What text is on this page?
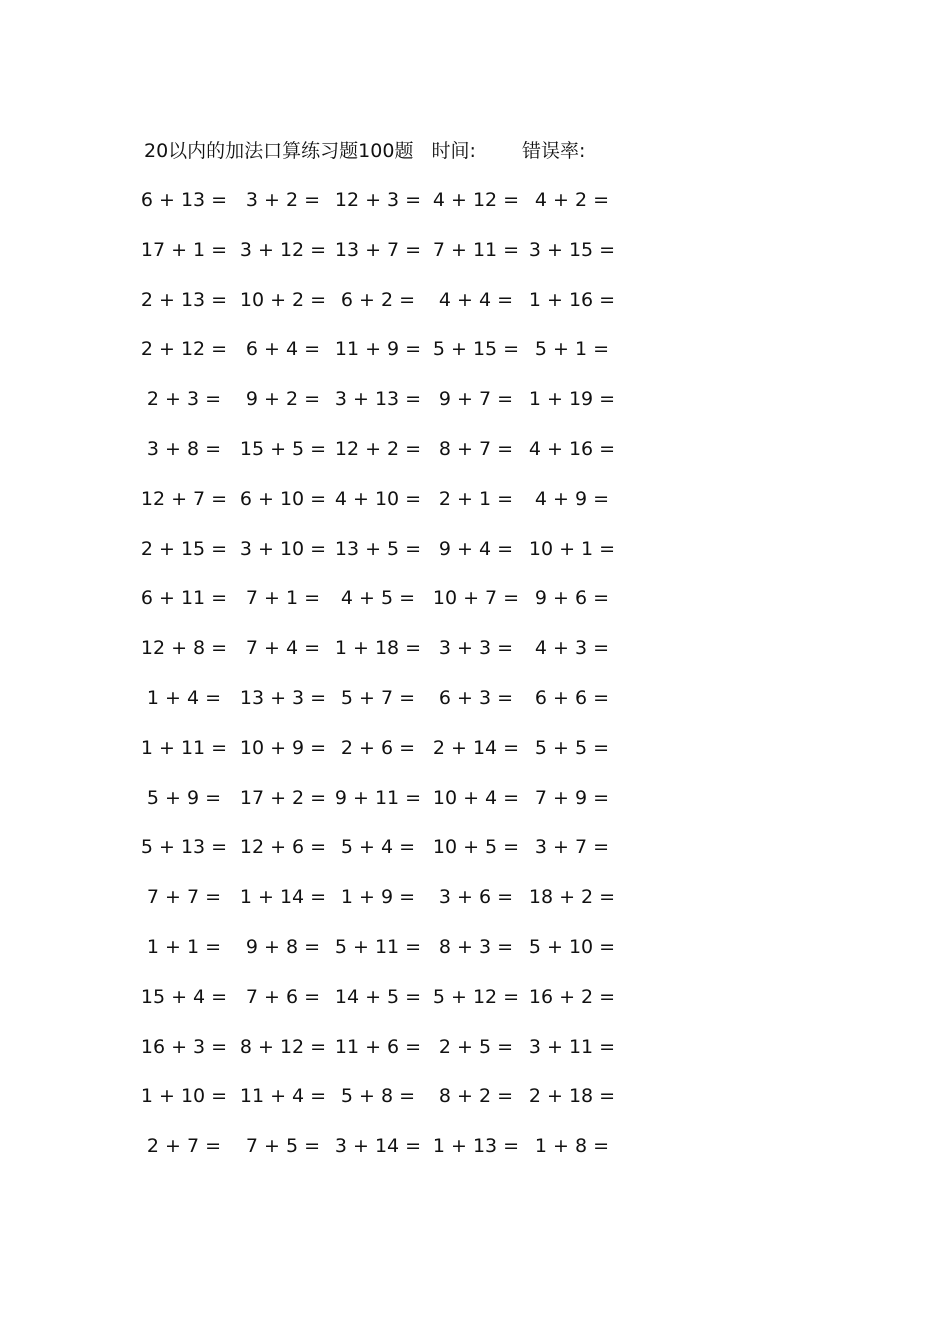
20以内的加法口算练习题100题 时间: 错误率:
6 + 13 = 3 + 2 = 12 + 3 = 4 + 12 = 4 + 2 =
17 + 1 = 3 + 12 = 13 + 7 = 7 + 11 = 3 + 15 =
2 + 13 = 10 + 2 = 6 + 2 = 4 + 4 = 1 + 16 =
2 + 12 = 6 + 4 = 11 + 9 = 5 + 15 = 5 + 1 =
2 + 3 = 9 + 2 = 3 + 13 = 9 + 7 = 1 + 19 =
3 + 8 = 15 + 5 = 12 + 2 = 8 + 7 = 4 + 16 =
12 + 7 = 6 + 10 = 4 + 10 = 2 + 1 = 4 + 9 =
2 + 15 = 3 + 10 = 13 + 5 = 9 + 4 = 10 + 1 =
6 + 11 = 7 + 1 = 4 + 5 = 10 + 7 = 9 + 6 =
12 + 8 = 7 + 4 = 1 + 18 = 3 + 3 = 4 + 3 =
1 + 4 = 13 + 3 = 5 + 7 = 6 + 3 = 6 + 6 =
1 + 11 = 10 + 9 = 2 + 6 = 2 + 14 = 5 + 5 =
5 + 9 = 17 + 2 = 9 + 11 = 10 + 4 = 7 + 9 =
5 + 13 = 12 + 6 = 5 + 4 = 10 + 5 = 3 + 7 =
7 + 7 = 1 + 14 = 1 + 9 = 3 + 6 = 18 + 2 =
1 + 1 = 9 + 8 = 5 + 11 = 8 + 3 = 5 + 10 =
15 + 4 = 7 + 6 = 14 + 5 = 5 + 12 = 16 + 2 =
16 + 3 = 8 + 12 = 11 + 6 = 2 + 5 = 3 + 11 =
1 + 10 = 11 + 4 = 5 + 8 = 8 + 2 = 2 + 18 =
2 + 7 = 7 + 5 = 3 + 14 = 1 + 13 = 1 + 8 =
